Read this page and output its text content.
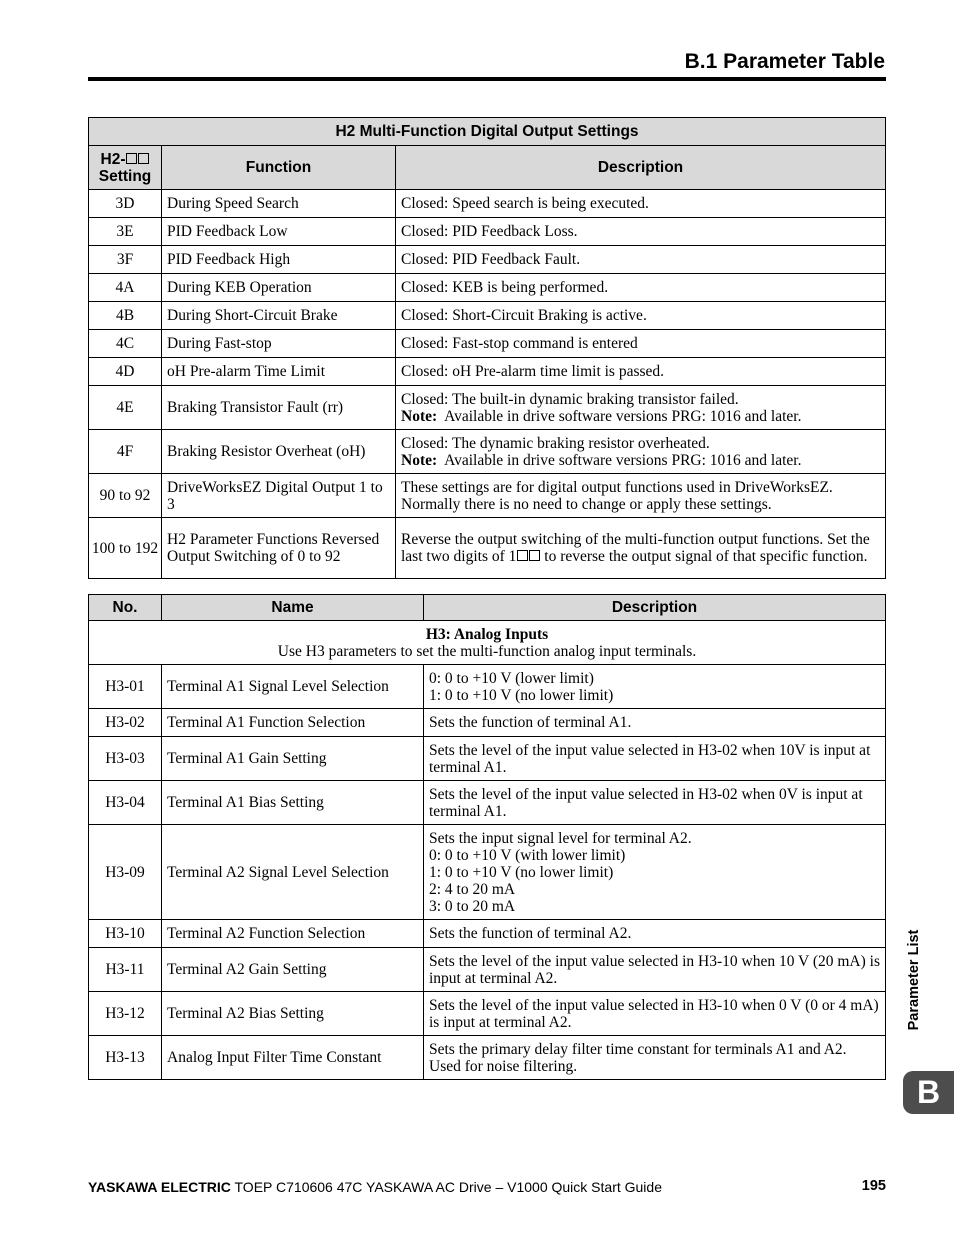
B.1 Parameter Table
H2 Multi-Function Digital Output Settings		
H2-
Setting	Function	Description
3D	During Speed Search	Closed: Speed search is being executed.
3E	PID Feedback Low	Closed: PID Feedback Loss.
3F	PID Feedback High	Closed: PID Feedback Fault.
4A	During KEB Operation	Closed: KEB is being performed.
4B	During Short-Circuit Brake	Closed: Short-Circuit Braking is active.
4C	During Fast-stop	Closed: Fast-stop command is entered
4D	oH Pre-alarm Time Limit	Closed: oH Pre-alarm time limit is passed.
4E	Braking Transistor Fault (rr)	Closed: The built-in dynamic braking transistor failed.
Note: Available in drive software versions PRG: 1016 and later.
4F	Braking Resistor Overheat (oH)	Closed: The dynamic braking resistor overheated.
Note: Available in drive software versions PRG: 1016 and later.
90 to 92	DriveWorksEZ Digital Output 1 to 3	These settings are for digital output functions used in DriveWorksEZ. Normally there is no need to change or apply these settings.
100 to 192	H2 Parameter Functions Reversed Output Switching of 0 to 92	Reverse the output switching of the multi-function output functions. Set the last two digits of 1 to reverse the output signal of that specific function.
No.	Name	Description
H3: Analog Inputs
Use H3 parameters to set the multi-function analog input terminals.		
H3-01	Terminal A1 Signal Level Selection	0: 0 to +10 V (lower limit)
1: 0 to +10 V (no lower limit)
H3-02	Terminal A1 Function Selection	Sets the function of terminal A1.
H3-03	Terminal A1 Gain Setting	Sets the level of the input value selected in H3-02 when 10V is input at terminal A1.
H3-04	Terminal A1 Bias Setting	Sets the level of the input value selected in H3-02 when 0V is input at terminal A1.
H3-09	Terminal A2 Signal Level Selection	Sets the input signal level for terminal A2.
0: 0 to +10 V (with lower limit)
1: 0 to +10 V (no lower limit)
2: 4 to 20 mA
3: 0 to 20 mA
H3-10	Terminal A2 Function Selection	Sets the function of terminal A2.
H3-11	Terminal A2 Gain Setting	Sets the level of the input value selected in H3-10 when 10 V (20 mA) is input at terminal A2.
H3-12	Terminal A2 Bias Setting	Sets the level of the input value selected in H3-10 when 0 V (0 or 4 mA) is input at terminal A2.
H3-13	Analog Input Filter Time Constant	Sets the primary delay filter time constant for terminals A1 and A2. Used for noise filtering.
Parameter List
B
YASKAWA ELECTRIC TOEP C710606 47C YASKAWA AC Drive – V1000 Quick Start Guide	195
